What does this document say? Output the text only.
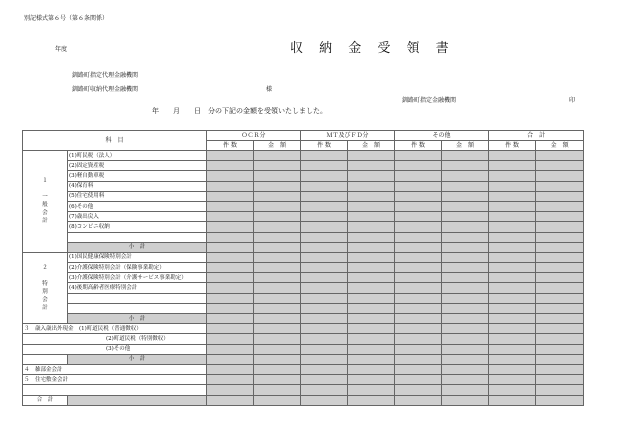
別記様式第６号（第６条関係）
年度	収 納 金 受 領 書
釧路町指定代理金融機関
釧路町収納代理金融機関	様
釧路町指定金融機関	印
年　　月　　日　分の下記の金額を受領いたしました。
科　目		ＯＣＲ分		ＭＴ及びＦＤ分		その他		合　計	
		件 数	金　額	件 数	金　額	件 数	金　額	件 数	金　額
１

一
般
会
計	(1)町民税（法人）								
	(2)固定資産税								
	(3)軽自動車税								
	(4)保育料								
	(5)住宅使用料								
	(6)その他								
	(7)歳出戻入								
	(8)コンビニ収納								

	小　計								
２

特
別
会
計	(1)国民健康保険特別会計								
	(2)介護保険特別会計（保険事業勘定）								
	(3)介護保険特別会計（介護サービス事業勘定）								
	(4)後期高齢者医療特別会計								

	小　計								
３　歳入歳出外現金　(1)町道民税（普通徴収）									
(2)町道民税（特別徴収）									
(3)その他									
	小　計								
４　雑部金会計									
５　住宅敷金会計									

合　計									
